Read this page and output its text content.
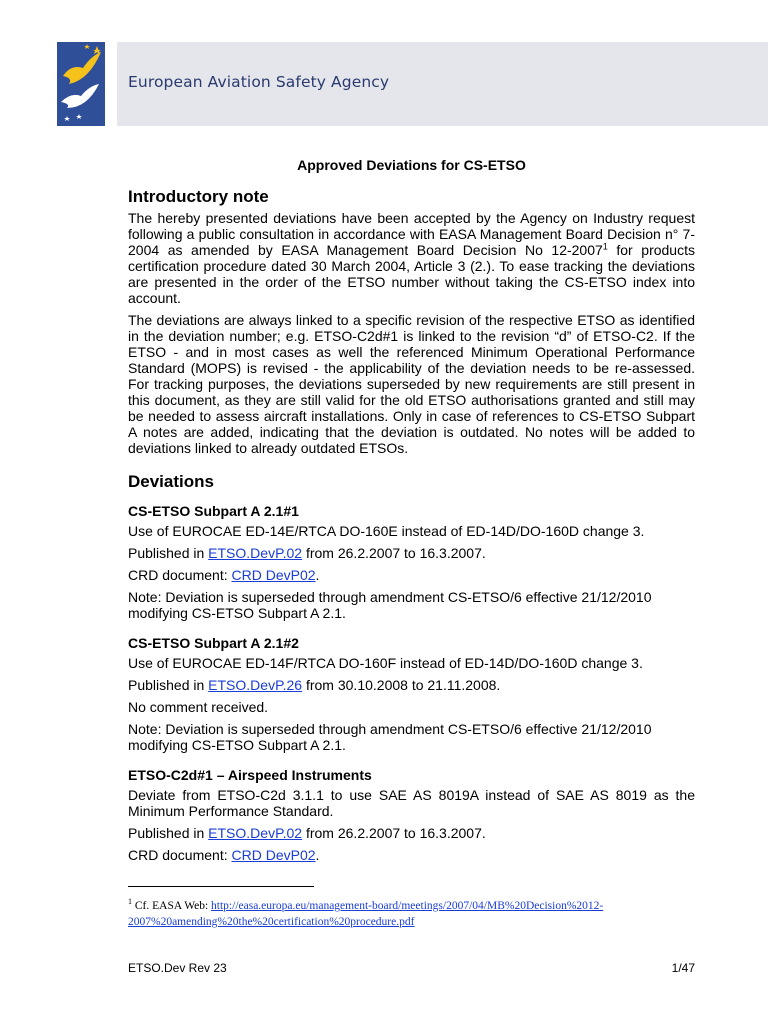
European Aviation Safety Agency
Approved Deviations for CS-ETSO
Introductory note

The hereby presented deviations have been accepted by the Agency on Industry request following a public consultation in accordance with EASA Management Board Decision n° 7-2004 as amended by EASA Management Board Decision No 12-2007$^1$ for products certification procedure dated 30 March 2004, Article 3 (2.). To ease tracking the deviations are presented in the order of the ETSO number without taking the CS-ETSO index into account.

The deviations are always linked to a specific revision of the respective ETSO as identified in the deviation number; e.g. ETSO-C2d#1 is linked to the revision “d” of ETSO-C2. If the ETSO - and in most cases as well the referenced Minimum Operational Performance Standard (MOPS) is revised - the applicability of the deviation needs to be re-assessed. For tracking purposes, the deviations superseded by new requirements are still present in this document, as they are still valid for the old ETSO authorisations granted and still may be needed to assess aircraft installations. Only in case of references to CS-ETSO Subpart A notes are added, indicating that the deviation is outdated. No notes will be added to deviations linked to already outdated ETSOs.

Deviations
CS-ETSO Subpart A 2.1#1

Use of EUROCAE ED-14E/RTCA DO-160E instead of ED-14D/DO-160D change 3.

Published in ETSO.DevP.02 from 26.2.2007 to 16.3.2007.

CRD document: CRD DevP02.

Note: Deviation is superseded through amendment CS-ETSO/6 effective 21/12/2010 modifying CS-ETSO Subpart A 2.1.

CS-ETSO Subpart A 2.1#2

Use of EUROCAE ED-14F/RTCA DO-160F instead of ED-14D/DO-160D change 3.

Published in ETSO.DevP.26 from 30.10.2008 to 21.11.2008.

No comment received.

Note: Deviation is superseded through amendment CS-ETSO/6 effective 21/12/2010 modifying CS-ETSO Subpart A 2.1.

ETSO-C2d#1 – Airspeed Instruments

Deviate from ETSO-C2d 3.1.1 to use SAE AS 8019A instead of SAE AS 8019 as the Minimum Performance Standard.

Published in ETSO.DevP.02 from 26.2.2007 to 16.3.2007.

CRD document: CRD DevP02.

$^1$ Cf. EASA Web: http://easa.europa.eu/management-board/meetings/2007/04/MB%20Decision%2012-
2007%20amending%20the%20certification%20procedure.pdf
ETSO.Dev Rev 23	1/47
